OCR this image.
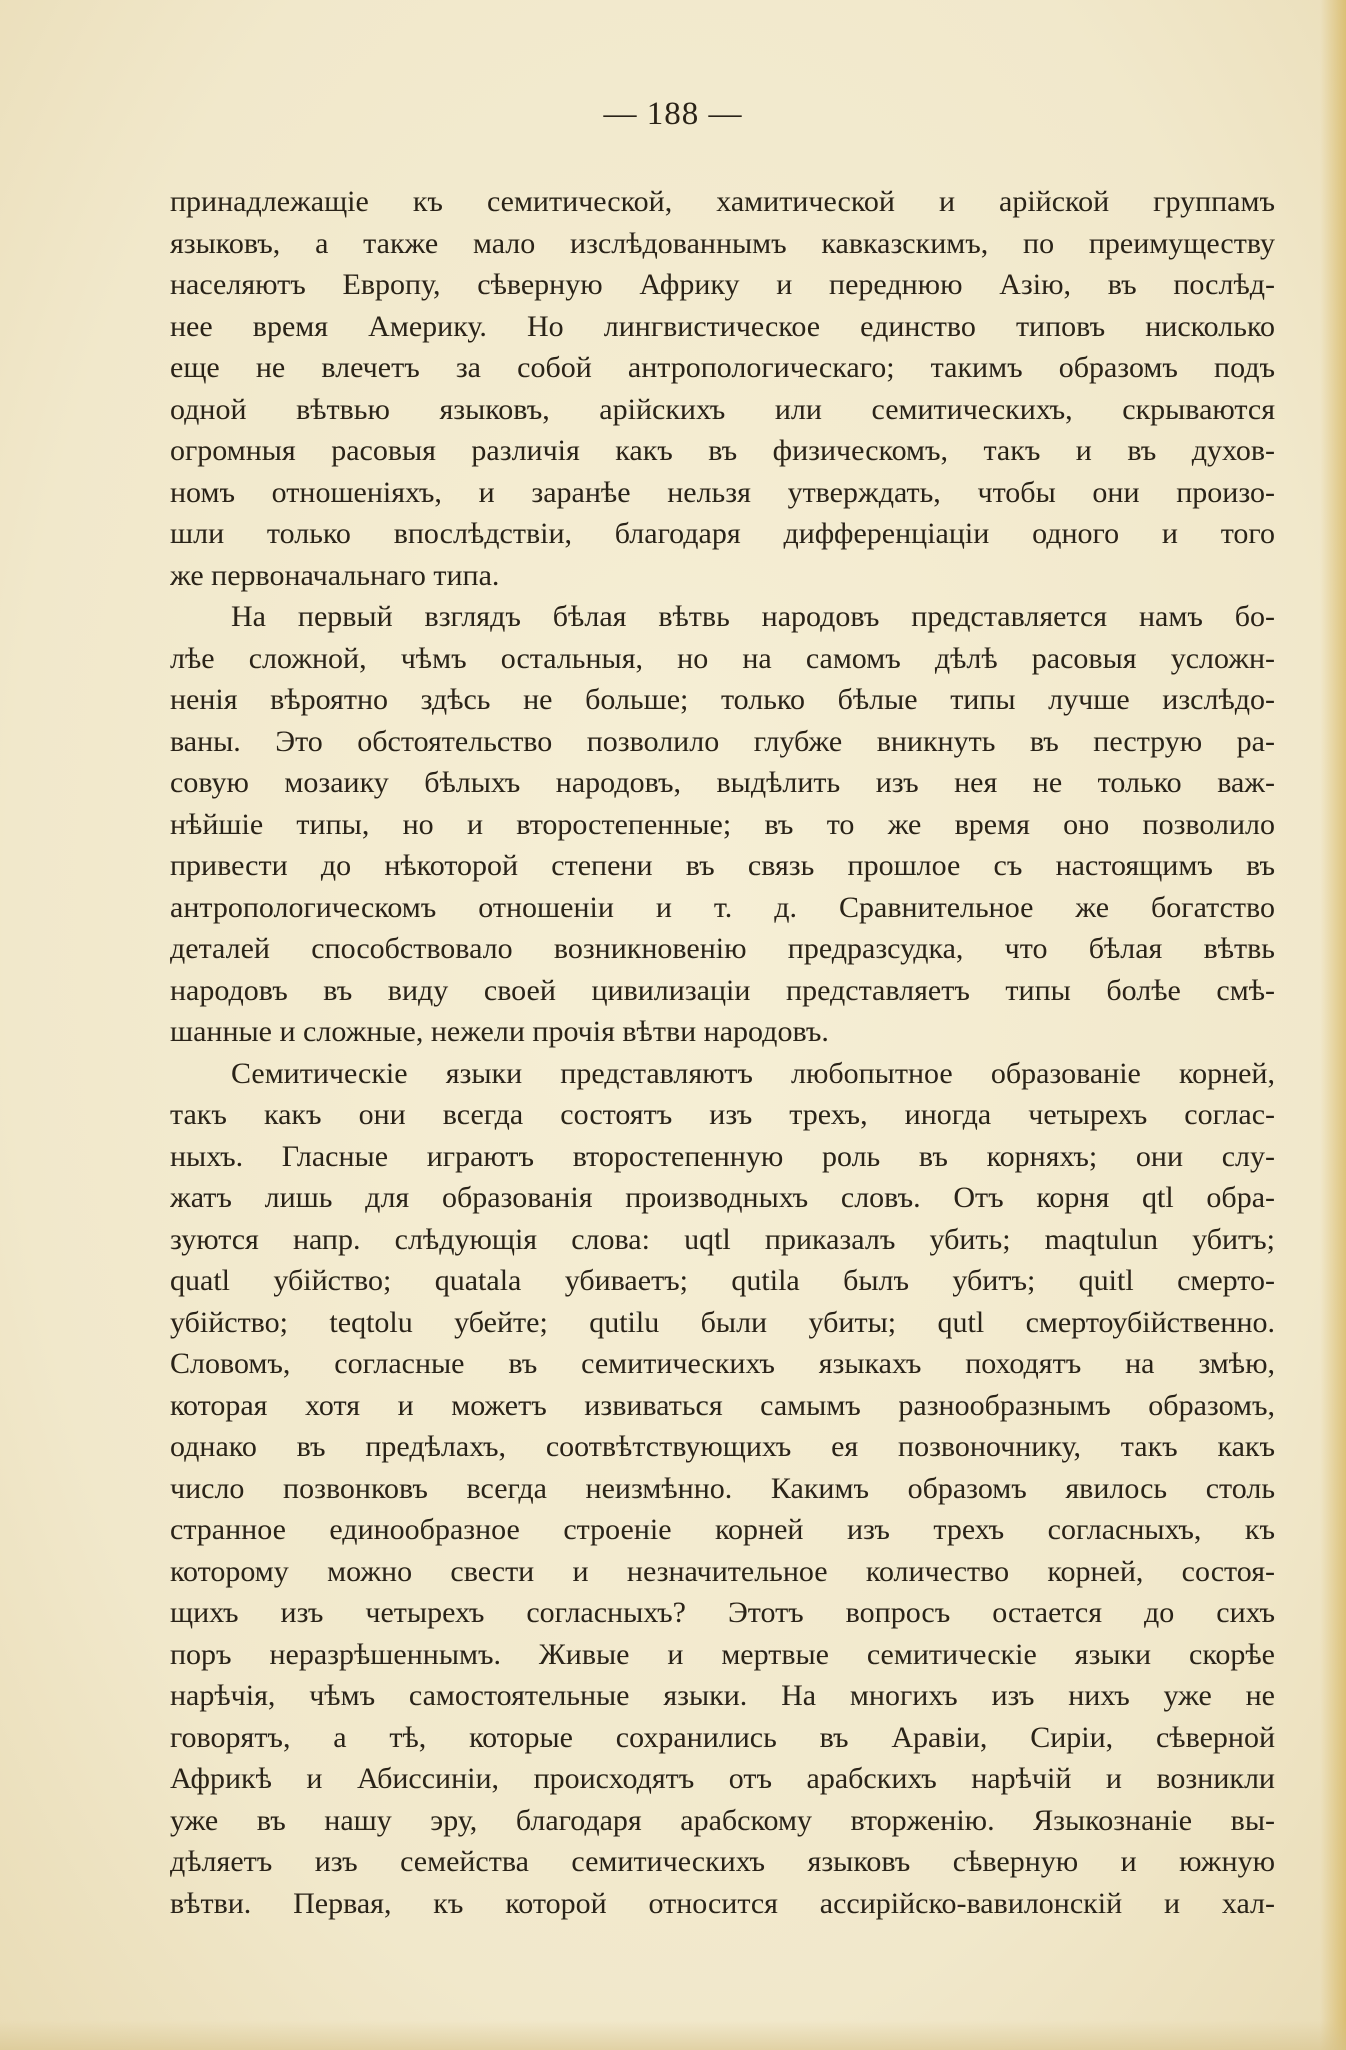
— 188 —
принадлежащіе къ семитической, хамитической и арійской группамъ
языковъ, а также мало изслѣдованнымъ кавказскимъ, по преимуществу
населяютъ Европу, сѣверную Африку и переднюю Азію, въ послѣд-
нее время Америку. Но лингвистическое единство типовъ нисколько
еще не влечетъ за собой антропологическаго; такимъ образомъ подъ
одной вѣтвью языковъ, арійскихъ или семитическихъ, скрываются
огромныя расовыя различія какъ въ физическомъ, такъ и въ духов-
номъ отношеніяхъ, и заранѣе нельзя утверждать, чтобы они произо-
шли только впослѣдствіи, благодаря дифференціаціи одного и того
же первоначальнаго типа.
На первый взглядъ бѣлая вѣтвь народовъ представляется намъ бо-
лѣе сложной, чѣмъ остальныя, но на самомъ дѣлѣ расовыя усложн-
ненія вѣроятно здѣсь не больше; только бѣлые типы лучше изслѣдо-
ваны. Это обстоятельство позволило глубже вникнуть въ пеструю ра-
совую мозаику бѣлыхъ народовъ, выдѣлить изъ нея не только важ-
нѣйшіе типы, но и второстепенные; въ то же время оно позволило
привести до нѣкоторой степени въ связь прошлое съ настоящимъ въ
антропологическомъ отношеніи и т. д. Сравнительное же богатство
деталей способствовало возникновенію предразсудка, что бѣлая вѣтвь
народовъ въ виду своей цивилизаціи представляетъ типы болѣе смѣ-
шанные и сложные, нежели прочія вѣтви народовъ.
Семитическіе языки представляютъ любопытное образованіе корней,
такъ какъ они всегда состоятъ изъ трехъ, иногда четырехъ соглас-
ныхъ. Гласные играютъ второстепенную роль въ корняхъ; они слу-
жатъ лишь для образованія производныхъ словъ. Отъ корня qtl обра-
зуются напр. слѣдующія слова: uqtl приказалъ убить; maqtulun убитъ;
quatl убійство; quatala убиваетъ; qutila былъ убитъ; quitl смерто-
убійство; teqtolu убейте; qutilu были убиты; qutl смертоубійственно.
Словомъ, согласные въ семитическихъ языкахъ походятъ на змѣю,
которая хотя и можетъ извиваться самымъ разнообразнымъ образомъ,
однако въ предѣлахъ, соотвѣтствующихъ ея позвоночнику, такъ какъ
число позвонковъ всегда неизмѣнно. Какимъ образомъ явилось столь
странное единообразное строеніе корней изъ трехъ согласныхъ, къ
которому можно свести и незначительное количество корней, состоя-
щихъ изъ четырехъ согласныхъ? Этотъ вопросъ остается до сихъ
поръ неразрѣшеннымъ. Живые и мертвые семитическіе языки скорѣе
нарѣчія, чѣмъ самостоятельные языки. На многихъ изъ нихъ уже не
говорятъ, а тѣ, которые сохранились въ Аравіи, Сиріи, сѣверной
Африкѣ и Абиссиніи, происходятъ отъ арабскихъ нарѣчій и возникли
уже въ нашу эру, благодаря арабскому вторженію. Языкознаніе вы-
дѣляетъ изъ семейства семитическихъ языковъ сѣверную и южную
вѣтви. Первая, къ которой относится ассирійско-вавилонскій и хал-
